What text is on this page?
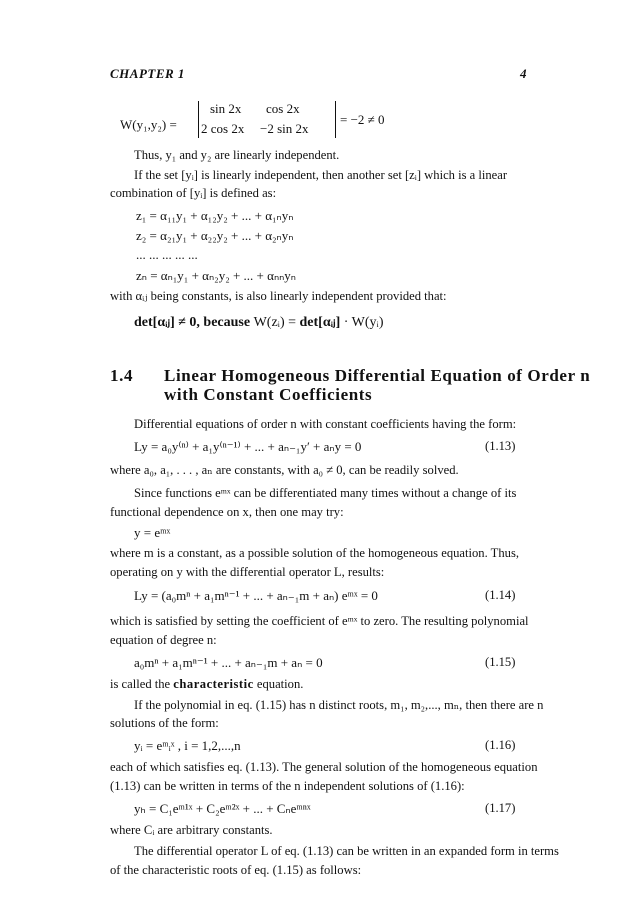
CHAPTER 1	4
W(y₁,y₂) =
sin 2x cos 2x
2 cos 2x −2 sin 2x
= −2 ≠ 0
Thus, y₁ and y₂ are linearly independent.
If the set [yᵢ] is linearly independent, then another set [zᵢ] which is a linear
combination of [yᵢ] is defined as:
z₁ = α₁₁y₁ + α₁₂y₂ + ... + α₁ₙyₙ
z₂ = α₂₁y₁ + α₂₂y₂ + ... + α₂ₙyₙ
... ... ... ... ...
zₙ = αₙ₁y₁ + αₙ₂y₂ + ... + αₙₙyₙ
with αᵢⱼ being constants, is also linearly independent provided that:
det[αᵢⱼ] ≠ 0, because W(zᵢ) = det[αᵢⱼ] · W(yᵢ)
1.4 Linear Homogeneous Differential Equation of Order n
with Constant Coefficients
Differential equations of order n with constant coefficients having the form:
Ly = a₀y⁽ⁿ⁾ + a₁y⁽ⁿ⁻¹⁾ + ... + aₙ₋₁y′ + aₙy = 0	(1.13)
where a₀, a₁, . . . , aₙ are constants, with a₀ ≠ 0, can be readily solved.
Since functions eᵐˣ can be differentiated many times without a change of its
functional dependence on x, then one may try:
y = eᵐˣ
where m is a constant, as a possible solution of the homogeneous equation. Thus,
operating on y with the differential operator L, results:
Ly = (a₀mⁿ + a₁mⁿ⁻¹ + ... + aₙ₋₁m + aₙ) eᵐˣ = 0	(1.14)
which is satisfied by setting the coefficient of eᵐˣ to zero. The resulting polynomial
equation of degree n:
a₀mⁿ + a₁mⁿ⁻¹ + ... + aₙ₋₁m + aₙ = 0	(1.15)
is called the characteristic equation.
If the polynomial in eq. (1.15) has n distinct roots, m₁, m₂,..., mₙ, then there are n
solutions of the form:
yᵢ = eᵐᵢˣ , i = 1,2,...,n	(1.16)
each of which satisfies eq. (1.13). The general solution of the homogeneous equation
(1.13) can be written in terms of the n independent solutions of (1.16):
yₕ = C₁eᵐ¹ˣ + C₂eᵐ²ˣ + ... + Cₙeᵐⁿˣ	(1.17)
where Cᵢ are arbitrary constants.
The differential operator L of eq. (1.13) can be written in an expanded form in terms
of the characteristic roots of eq. (1.15) as follows:
